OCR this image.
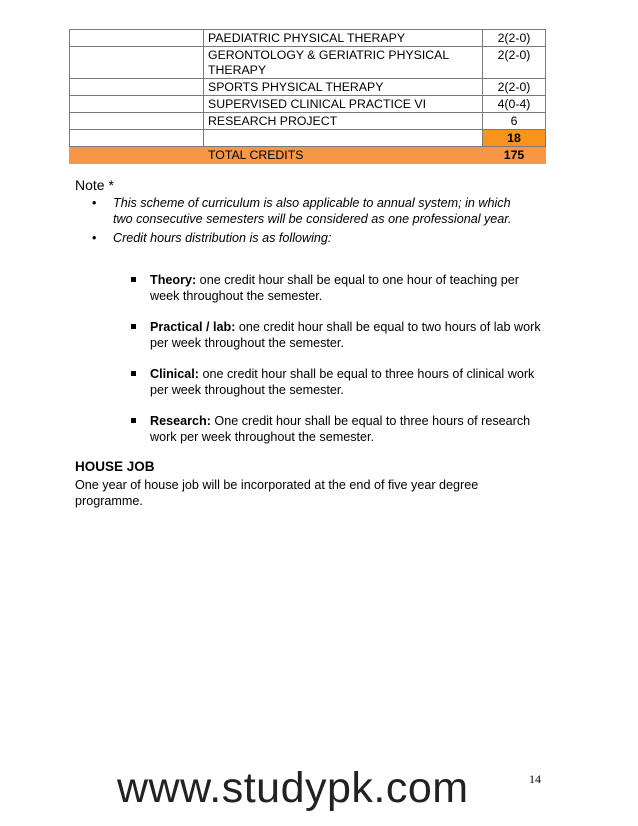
	PAEDIATRIC PHYSICAL THERAPY	2(2-0)
	GERONTOLOGY & GERIATRIC PHYSICAL THERAPY	2(2-0)
	SPORTS PHYSICAL THERAPY	2(2-0)
	SUPERVISED CLINICAL PRACTICE VI	4(0-4)
	RESEARCH PROJECT	6
		18
	TOTAL CREDITS	175
Note *
• This scheme of curriculum is also applicable to annual system; in which two consecutive semesters will be considered as one professional year.
• Credit hours distribution is as following:
Theory: one credit hour shall be equal to one hour of teaching per week throughout the semester.
Practical / lab: one credit hour shall be equal to two hours of lab work per week throughout the semester.
Clinical: one credit hour shall be equal to three hours of clinical work per week throughout the semester.
Research: One credit hour shall be equal to three hours of research work per week throughout the semester.
HOUSE JOB
One year of house job will be incorporated at the end of five year degree programme.
www.studypk.com	14
